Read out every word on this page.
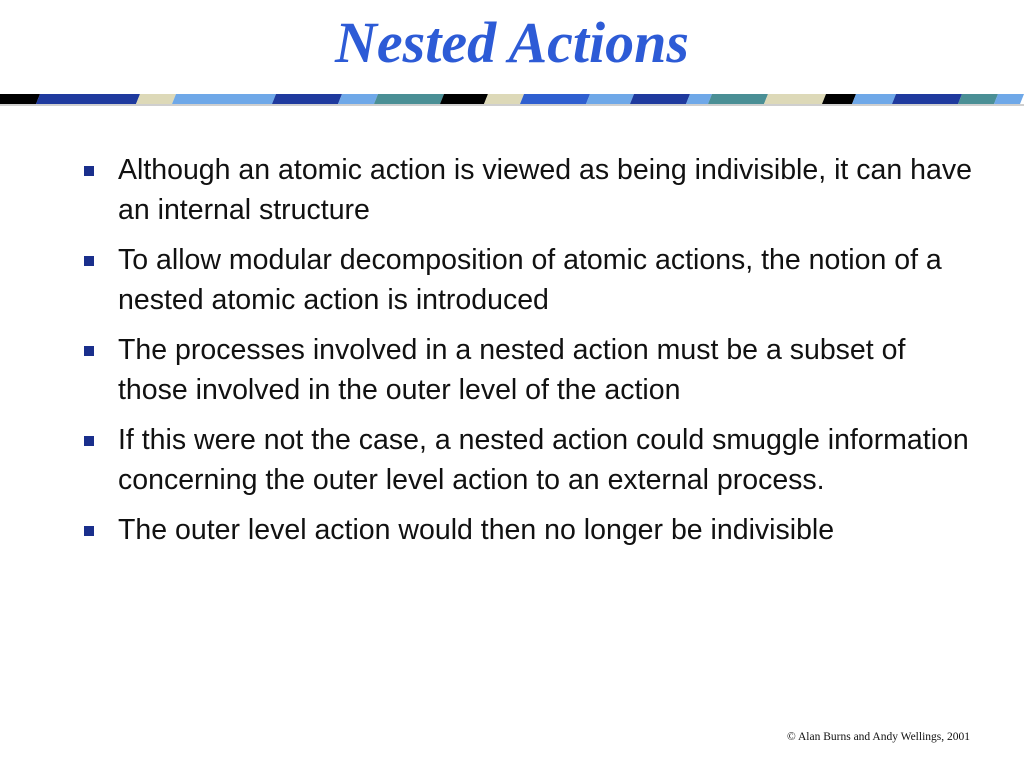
Nested Actions
Although an atomic action is viewed as being indivisible, it can have an internal structure
To allow modular decomposition of atomic actions, the notion of a nested atomic action is introduced
The processes involved in a nested action must be a subset of those involved in the outer level of the action
If this were not the case, a nested action could smuggle information concerning the outer level action to an external process.
The outer level action would then no longer be indivisible
© Alan Burns and Andy Wellings, 2001
